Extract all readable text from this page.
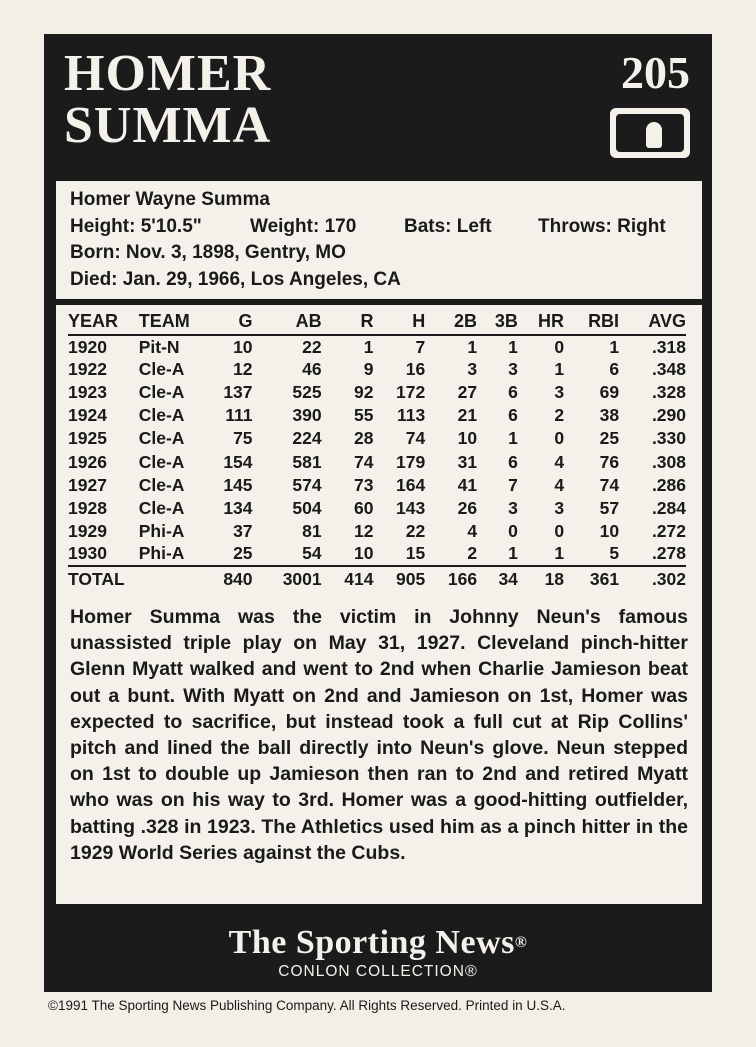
HOMER
SUMMA
205
Homer Wayne Summa
Height: 5'10.5"	Weight: 170	Bats: Left Throws: Right
Born: Nov. 3, 1898, Gentry, MO
Died: Jan. 29, 1966, Los Angeles, CA
YEAR	TEAM	G	AB	R	H	2B	3B	HR	RBI	AVG
1920	Pit-N	10	22	1	7	1	1	0	1	.318
1922	Cle-A	12	46	9	16	3	3	1	6	.348
1923	Cle-A	137	525	92	172	27	6	3	69	.328
1924	Cle-A	111	390	55	113	21	6	2	38	.290
1925	Cle-A	75	224	28	74	10	1	0	25	.330
1926	Cle-A	154	581	74	179	31	6	4	76	.308
1927	Cle-A	145	574	73	164	41	7	4	74	.286
1928	Cle-A	134	504	60	143	26	3	3	57	.284
1929	Phi-A	37	81	12	22	4	0	0	10	.272
1930	Phi-A	25	54	10	15	2	1	1	5	.278
TOTAL		840	3001	414	905	166	34	18	361	.302
Homer Summa was the victim in Johnny Neun's famous unassisted triple play on May 31, 1927. Cleveland pinch-hitter Glenn Myatt walked and went to 2nd when Charlie Jamieson beat out a bunt. With Myatt on 2nd and Jamieson on 1st, Homer was expected to sacrifice, but instead took a full cut at Rip Collins' pitch and lined the ball directly into Neun's glove. Neun stepped on 1st to double up Jamieson then ran to 2nd and retired Myatt who was on his way to 3rd. Homer was a good-hitting outfielder, batting .328 in 1923. The Athletics used him as a pinch hitter in the 1929 World Series against the Cubs.
The Sporting News®
CONLON COLLECTION®
©1991 The Sporting News Publishing Company. All Rights Reserved. Printed in U.S.A.
